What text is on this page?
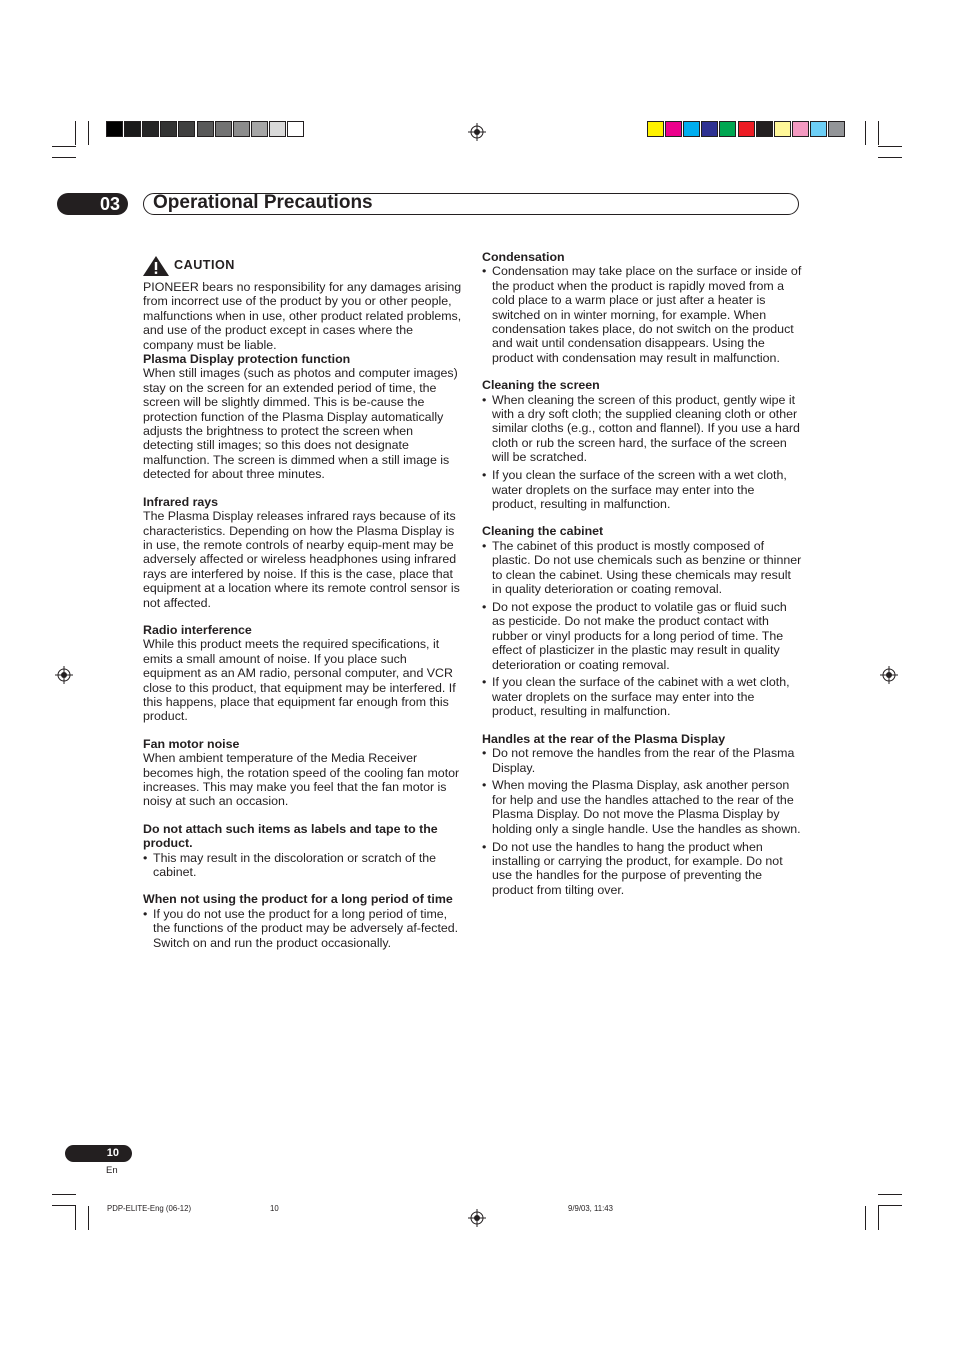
03	Operational Precautions
CAUTION

PIONEER bears no responsibility for any damages arising from incorrect use of the product by you or other people, malfunctions when in use, other product related problems, and use of the product except in cases where the company must be liable.

Plasma Display protection function

When still images (such as photos and computer images) stay on the screen for an extended period of time, the screen will be slightly dimmed. This is be-cause the protection function of the Plasma Display automatically adjusts the brightness to protect the screen when detecting still images; so this does not designate malfunction. The screen is dimmed when a still image is detected for about three minutes.

Infrared rays

The Plasma Display releases infrared rays because of its characteristics. Depending on how the Plasma Display is in use, the remote controls of nearby equip-ment may be adversely affected or wireless headphones using infrared rays are interfered by noise. If this is the case, place that equipment at a location where its remote control sensor is not affected.

Radio interference

While this product meets the required specifications, it emits a small amount of noise. If you place such equipment as an AM radio, personal computer, and VCR close to this product, that equipment may be interfered. If this happens, place that equipment far enough from this product.

Fan motor noise

When ambient temperature of the Media Receiver becomes high, the rotation speed of the cooling fan motor increases. This may make you feel that the fan motor is noisy at such an occasion.

Do not attach such items as labels and tape to the product.

• This may result in the discoloration or scratch of the cabinet.

When not using the product for a long period of time

• If you do not use the product for a long period of time, the functions of the product may be adversely af-fected. Switch on and run the product occasionally.

Condensation

• Condensation may take place on the surface or inside of the product when the product is rapidly moved from a cold place to a warm place or just after a heater is switched on in winter morning, for example. When condensation takes place, do not switch on the product and wait until condensation disappears. Using the product with condensation may result in malfunction.

Cleaning the screen

• When cleaning the screen of this product, gently wipe it with a dry soft cloth; the supplied cleaning cloth or other similar cloths (e.g., cotton and flannel). If you use a hard cloth or rub the screen hard, the surface of the screen will be scratched.

• If you clean the surface of the screen with a wet cloth, water droplets on the surface may enter into the product, resulting in malfunction.

Cleaning the cabinet

• The cabinet of this product is mostly composed of plastic. Do not use chemicals such as benzine or thinner to clean the cabinet. Using these chemicals may result in quality deterioration or coating removal.

• Do not expose the product to volatile gas or fluid such as pesticide. Do not make the product contact with rubber or vinyl products for a long period of time. The effect of plasticizer in the plastic may result in quality deterioration or coating removal.

• If you clean the surface of the cabinet with a wet cloth, water droplets on the surface may enter into the product, resulting in malfunction.

Handles at the rear of the Plasma Display

• Do not remove the handles from the rear of the Plasma Display.

• When moving the Plasma Display, ask another person for help and use the handles attached to the rear of the Plasma Display. Do not move the Plasma Display by holding only a single handle. Use the handles as shown.

• Do not use the handles to hang the product when installing or carrying the product, for example. Do not use the handles for the purpose of preventing the product from tilting over.

10
En
PDP-ELITE-Eng (06-12)	10	9/9/03, 11:43
